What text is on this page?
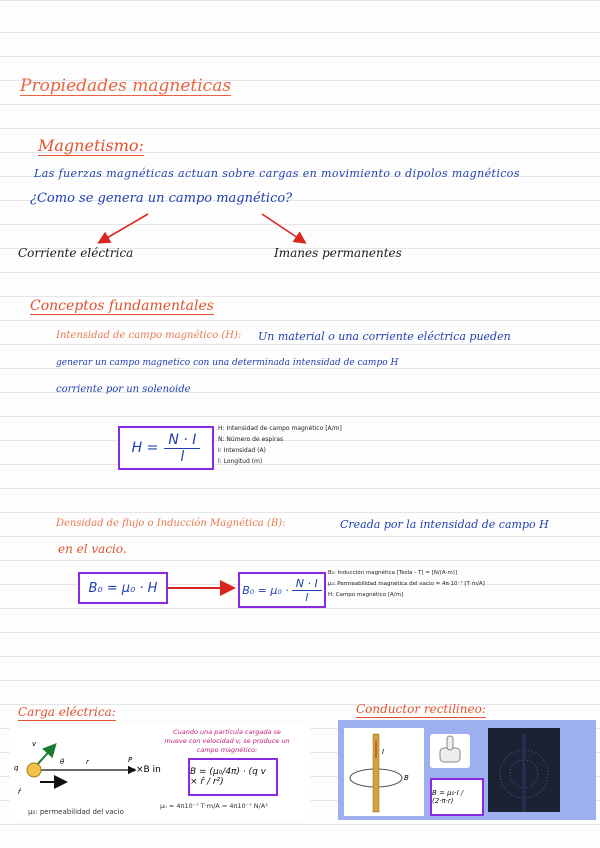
Propiedades magneticas
Magnetismo:
Las fuerzas magnéticas actuan sobre cargas en movimiento o dipolos magnéticos
¿Como se genera un campo magnético?
Corriente eléctrica	Imanes permanentes
Conceptos fundamentales
Intensidad de campo magnético (H): Un material o una corriente eléctrica pueden
generar un campo magnetico con una determinada intensidad de campo H
corriente por un solenoide
$H = \frac{N \cdot I}{l}$
H: Intensidad de campo magnético [A/m]
N: Número de espiras
I: Intensidad (A)
l: Longitud (m)
Densidad de flujo o Inducción Magnética (B):	Creada por la intensidad de campo H
en el vacio.
B₀ = μ₀ · H	$B_0 = \mu_0 \cdot \frac{N \cdot I}{l}$
B₀: Inducción magnética [Tesla - T] = [N/(A·m)]
μ₀: Permeabilidad magnética del vacio = 4π·10⁻⁷ [T·m/A]
H: Campo magnético [A/m]
Carga eléctrica:
q
v
θ	r	P
×B in
r̂
μ₀: permeabilidad del vacio
Cuando una partícula cargada se mueve con velocidad v, se produce un campo magnético:
B = (μ₀/4π) · (q v × r̂ / r²)
μ₀ = 4π10⁻⁷ T·m/A = 4π10⁻⁷ N/A²
Conductor rectilineo:
I
B
B = μ₀·I / (2·π·r)
